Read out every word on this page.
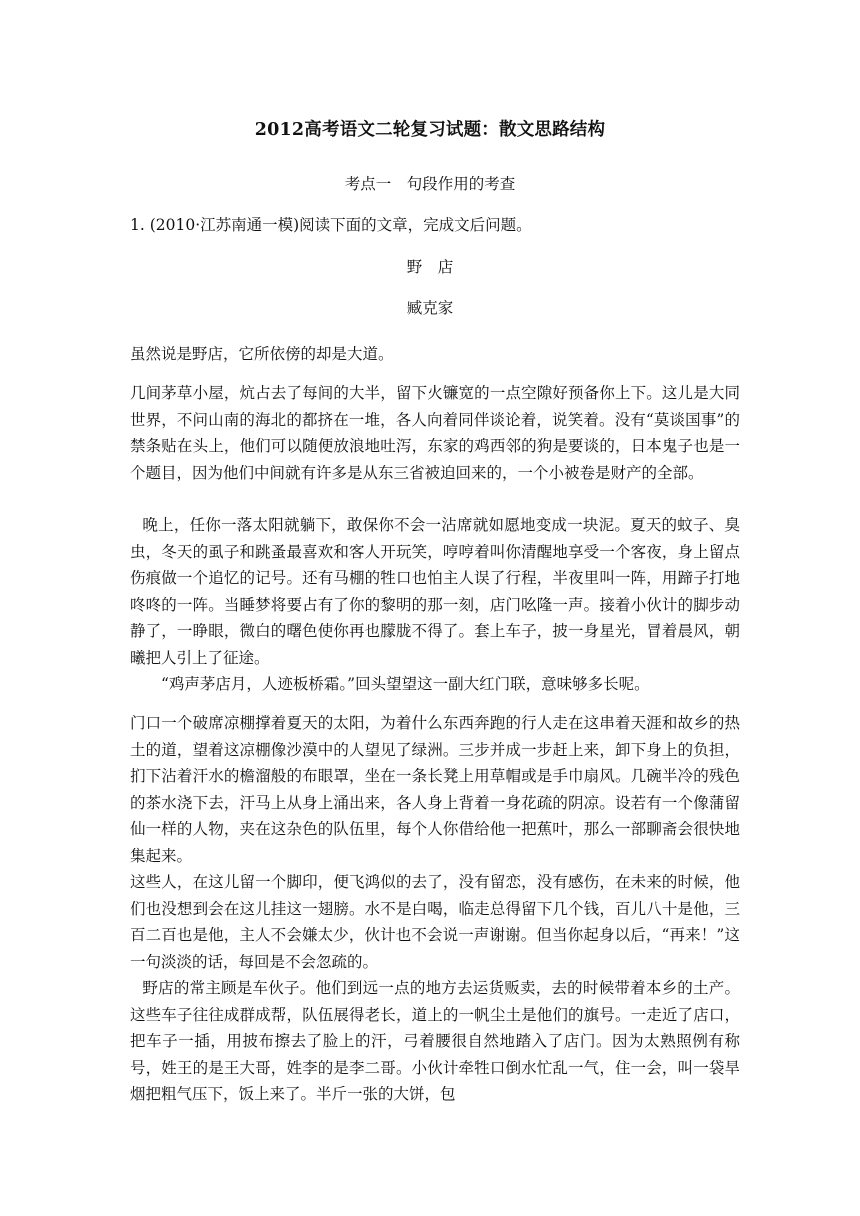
2012高考语文二轮复习试题：散文思路结构
考点一　句段作用的考查
1. (2010·江苏南通一模)阅读下面的文章，完成文后问题。
野　店
臧克家

虽然说是野店，它所依傍的却是大道。

几间茅草小屋，炕占去了每间的大半，留下火镰宽的一点空隙好预备你上下。这儿是大同世界，不问山南的海北的都挤在一堆，各人向着同伴谈论着，说笑着。没有“莫谈国事”的禁条贴在头上，他们可以随便放浪地吐泻，东家的鸡西邻的狗是要谈的，日本鬼子也是一个题目，因为他们中间就有许多是从东三省被迫回来的，一个小被卷是财产的全部。

晚上，任你一落太阳就躺下，敢保你不会一沾席就如愿地变成一块泥。夏天的蚊子、臭虫，冬天的虱子和跳蚤最喜欢和客人开玩笑，哼哼着叫你清醒地享受一个客夜，身上留点伤痕做一个追忆的记号。还有马棚的牲口也怕主人误了行程，半夜里叫一阵，用蹄子打地咚咚的一阵。当睡梦将要占有了你的黎明的那一刻，店门吆隆一声。接着小伙计的脚步动静了，一睁眼，微白的曙色使你再也朦胧不得了。套上车子，披一身星光，冒着晨风，朝曦把人引上了征途。

“鸡声茅店月，人迹板桥霜。”回头望望这一副大红门联，意味够多长呢。

门口一个破席凉棚撑着夏天的太阳，为着什么东西奔跑的行人走在这串着天涯和故乡的热土的道，望着这凉棚像沙漠中的人望见了绿洲。三步并成一步赶上来，卸下身上的负担，扪下沾着汗水的檐溜般的布眼罩，坐在一条长凳上用草帽或是手巾扇风。几碗半冷的残色的茶水浇下去，汗马上从身上涌出来，各人身上背着一身花疏的阴凉。设若有一个像蒲留仙一样的人物，夹在这杂色的队伍里，每个人你借给他一把蕉叶，那么一部聊斋会很快地集起来。

这些人，在这儿留一个脚印，便飞鸿似的去了，没有留恋，没有感伤，在未来的时候，他们也没想到会在这儿挂这一翅膀。水不是白喝，临走总得留下几个钱，百儿八十是他，三百二百也是他，主人不会嫌太少，伙计也不会说一声谢谢。但当你起身以后，“再来！”这一句淡淡的话，每回是不会忽疏的。

野店的常主顾是车伙子。他们到远一点的地方去运货贩卖，去的时候带着本乡的土产。这些车子往往成群成帮，队伍展得老长，道上的一帆尘土是他们的旗号。一走近了店口，把车子一插，用披布擦去了脸上的汗，弓着腰很自然地踏入了店门。因为太熟照例有称号，姓王的是王大哥，姓李的是李二哥。小伙计牵牲口倒水忙乱一气，住一会，叫一袋旱烟把粗气压下，饭上来了。半斤一张的大饼，包
